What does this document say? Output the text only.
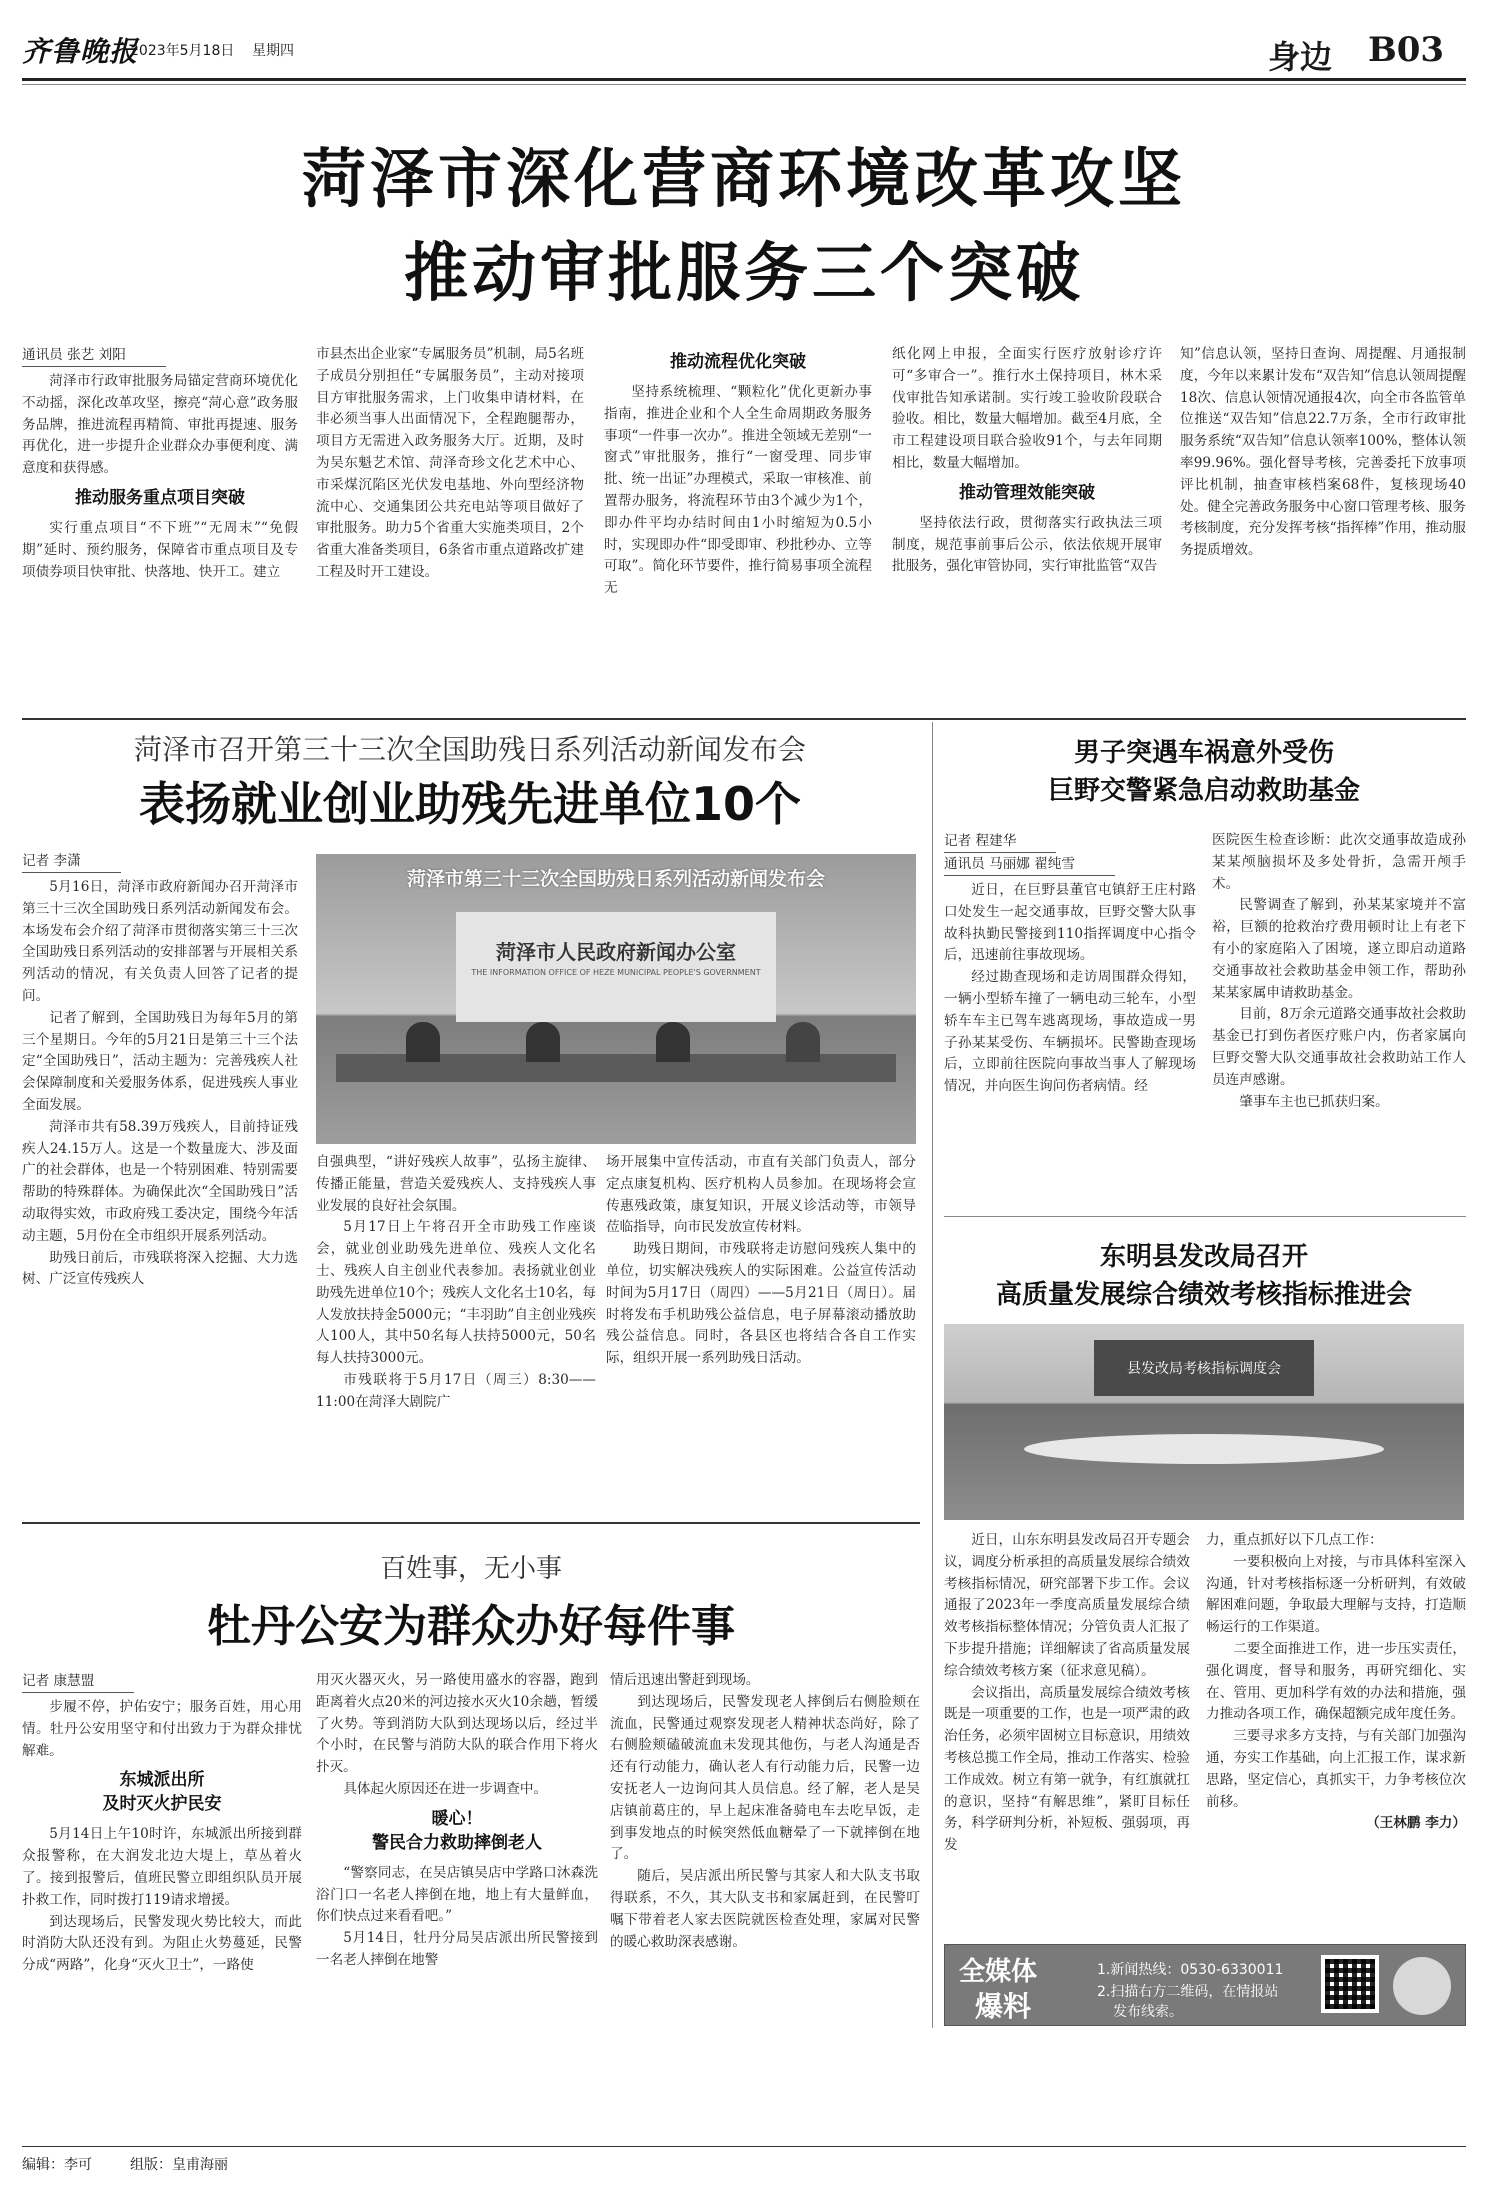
齐鲁晚报
2023年5月18日 星期四	身边 B03
菏泽市深化营商环境改革攻坚
推动审批服务三个突破
通讯员 张艺 刘阳

菏泽市行政审批服务局锚定营商环境优化不动摇，深化改革攻坚，擦亮“菏心意”政务服务品牌，推进流程再精简、审批再提速、服务再优化，进一步提升企业群众办事便利度、满意度和获得感。

推动服务重点项目突破

实行重点项目“不下班”“无周末”“免假期”延时、预约服务，保障省市重点项目及专项债券项目快审批、快落地、快开工。建立

市县杰出企业家“专属服务员”机制，局5名班子成员分别担任“专属服务员”，主动对接项目方审批服务需求，上门收集申请材料，在非必须当事人出面情况下，全程跑腿帮办，项目方无需进入政务服务大厅。近期，及时为吴东魁艺术馆、菏泽奇珍文化艺术中心、市采煤沉陷区光伏发电基地、外向型经济物流中心、交通集团公共充电站等项目做好了审批服务。助力5个省重大实施类项目，2个省重大准备类项目，6条省市重点道路改扩建工程及时开工建设。

推动流程优化突破

坚持系统梳理、“颗粒化”优化更新办事指南，推进企业和个人全生命周期政务服务事项“一件事一次办”。推进全领域无差别“一窗式”审批服务，推行“一窗受理、同步审批、统一出证”办理模式，采取一审核准、前置帮办服务，将流程环节由3个减少为1个，即办件平均办结时间由1小时缩短为0.5小时，实现即办件“即受即审、秒批秒办、立等可取”。简化环节要件，推行简易事项全流程无

纸化网上申报，全面实行医疗放射诊疗许可“多审合一”。推行水土保持项目，林木采伐审批告知承诺制。实行竣工验收阶段联合验收。相比，数量大幅增加。截至4月底，全市工程建设项目联合验收91个，与去年同期相比，数量大幅增加。

推动管理效能突破

坚持依法行政，贯彻落实行政执法三项制度，规范事前事后公示，依法依规开展审批服务，强化审管协同，实行审批监管“双告

知”信息认领，坚持日查询、周提醒、月通报制度，今年以来累计发布“双告知”信息认领周提醒18次、信息认领情况通报4次，向全市各监管单位推送“双告知”信息22.7万条，全市行政审批服务系统“双告知”信息认领率100%，整体认领率99.96%。强化督导考核，完善委托下放事项评比机制，抽查审核档案68件，复核现场40处。健全完善政务服务中心窗口管理考核、服务考核制度，充分发挥考核“指挥棒”作用，推动服务提质增效。

菏泽市召开第三十三次全国助残日系列活动新闻发布会
表扬就业创业助残先进单位10个
记者 李潇

5月16日，菏泽市政府新闻办召开菏泽市第三十三次全国助残日系列活动新闻发布会。本场发布会介绍了菏泽市贯彻落实第三十三次全国助残日系列活动的安排部署与开展相关系列活动的情况，有关负责人回答了记者的提问。

记者了解到，全国助残日为每年5月的第三个星期日。今年的5月21日是第三十三个法定“全国助残日”，活动主题为：完善残疾人社会保障制度和关爱服务体系，促进残疾人事业全面发展。

菏泽市共有58.39万残疾人，目前持证残疾人24.15万人。这是一个数量庞大、涉及面广的社会群体，也是一个特别困难、特别需要帮助的特殊群体。为确保此次“全国助残日”活动取得实效，市政府残工委决定，围绕今年活动主题，5月份在全市组织开展系列活动。

助残日前后，市残联将深入挖掘、大力选树、广泛宣传残疾人

菏泽市第三十三次全国助残日系列活动新闻发布会
菏泽市人民政府新闻办公室
THE INFORMATION OFFICE OF HEZE MUNICIPAL PEOPLE'S GOVERNMENT

自强典型，“讲好残疾人故事”，弘扬主旋律、传播正能量，营造关爱残疾人、支持残疾人事业发展的良好社会氛围。

5月17日上午将召开全市助残工作座谈会，就业创业助残先进单位、残疾人文化名士、残疾人自主创业代表参加。表扬就业创业助残先进单位10个；残疾人文化名士10名，每人发放扶持金5000元；“丰羽助”自主创业残疾人100人，其中50名每人扶持5000元，50名每人扶持3000元。

市残联将于5月17日（周三）8:30——11:00在菏泽大剧院广

场开展集中宣传活动，市直有关部门负责人，部分定点康复机构、医疗机构人员参加。在现场将会宣传惠残政策，康复知识，开展义诊活动等，市领导莅临指导，向市民发放宣传材料。

助残日期间，市残联将走访慰问残疾人集中的单位，切实解决残疾人的实际困难。公益宣传活动时间为5月17日（周四）——5月21日（周日）。届时将发布手机助残公益信息，电子屏幕滚动播放助残公益信息。同时，各县区也将结合各自工作实际，组织开展一系列助残日活动。

男子突遇车祸意外受伤
巨野交警紧急启动救助基金
记者 程建华 通讯员 马丽娜 翟纯雪

近日，在巨野县董官屯镇舒王庄村路口处发生一起交通事故，巨野交警大队事故科执勤民警接到110指挥调度中心指令后，迅速前往事故现场。

经过勘查现场和走访周围群众得知，一辆小型轿车撞了一辆电动三轮车，小型轿车车主已驾车逃离现场，事故造成一男子孙某某受伤、车辆损坏。民警勘查现场后，立即前往医院向事故当事人了解现场情况，并向医生询问伤者病情。经

医院医生检查诊断：此次交通事故造成孙某某颅脑损坏及多处骨折，急需开颅手术。

民警调查了解到，孙某某家境并不富裕，巨额的抢救治疗费用顿时让上有老下有小的家庭陷入了困境，遂立即启动道路交通事故社会救助基金申领工作，帮助孙某某家属申请救助基金。

目前，8万余元道路交通事故社会救助基金已打到伤者医疗账户内，伤者家属向巨野交警大队交通事故社会救助站工作人员连声感谢。

肇事车主也已抓获归案。

东明县发改局召开
高质量发展综合绩效考核指标推进会
县发改局考核指标调度会

近日，山东东明县发改局召开专题会议，调度分析承担的高质量发展综合绩效考核指标情况，研究部署下步工作。会议通报了2023年一季度高质量发展综合绩效考核指标整体情况；分管负责人汇报了下步提升措施；详细解读了省高质量发展综合绩效考核方案（征求意见稿）。

会议指出，高质量发展综合绩效考核既是一项重要的工作，也是一项严肃的政治任务，必须牢固树立目标意识，用绩效考核总揽工作全局，推动工作落实、检验工作成效。树立有第一就争，有红旗就扛的意识，坚持“有解思维”，紧盯目标任务，科学研判分析，补短板、强弱项，再发

力，重点抓好以下几点工作：

一要积极向上对接，与市具体科室深入沟通，针对考核指标逐一分析研判，有效破解困难问题，争取最大理解与支持，打造顺畅运行的工作渠道。

二要全面推进工作，进一步压实责任，强化调度，督导和服务，再研究细化、实在、管用、更加科学有效的办法和措施，强力推动各项工作，确保超额完成年度任务。

三要寻求多方支持，与有关部门加强沟通，夯实工作基础，向上汇报工作，谋求新思路，坚定信心，真抓实干，力争考核位次前移。

（王林鹏 李力）
全媒体
爆料
1.新闻热线：0530-6330011
2.扫描右方二维码，在情报站
发布线索。
百姓事，无小事
牡丹公安为群众办好每件事
记者 康慧盟

步履不停，护佑安宁；服务百姓，用心用情。牡丹公安用坚守和付出致力于为群众排忧解难。

东城派出所
及时灭火护民安

5月14日上午10时许，东城派出所接到群众报警称，在大润发北边大堤上，草丛着火了。接到报警后，值班民警立即组织队员开展扑救工作，同时拨打119请求增援。

到达现场后，民警发现火势比较大，而此时消防大队还没有到。为阻止火势蔓延，民警分成“两路”，化身“灭火卫士”，一路使

用灭火器灭火，另一路使用盛水的容器，跑到距离着火点20米的河边接水灭火10余趟，暂缓了火势。等到消防大队到达现场以后，经过半个小时，在民警与消防大队的联合作用下将火扑灭。

具体起火原因还在进一步调查中。

暖心！
警民合力救助摔倒老人

“警察同志，在吴店镇吴店中学路口沐森洗浴门口一名老人摔倒在地，地上有大量鲜血，你们快点过来看看吧。”

5月14日，牡丹分局吴店派出所民警接到一名老人摔倒在地警

情后迅速出警赶到现场。

到达现场后，民警发现老人摔倒后右侧脸颊在流血，民警通过观察发现老人精神状态尚好，除了右侧脸颊磕破流血未发现其他伤，与老人沟通是否还有行动能力，确认老人有行动能力后，民警一边安抚老人一边询问其人员信息。经了解，老人是吴店镇前葛庄的，早上起床准备骑电车去吃早饭，走到事发地点的时候突然低血糖晕了一下就摔倒在地了。

随后，吴店派出所民警与其家人和大队支书取得联系，不久，其大队支书和家属赶到，在民警叮嘱下带着老人家去医院就医检查处理，家属对民警的暖心救助深表感谢。

编辑：李可	组版：皇甫海丽
